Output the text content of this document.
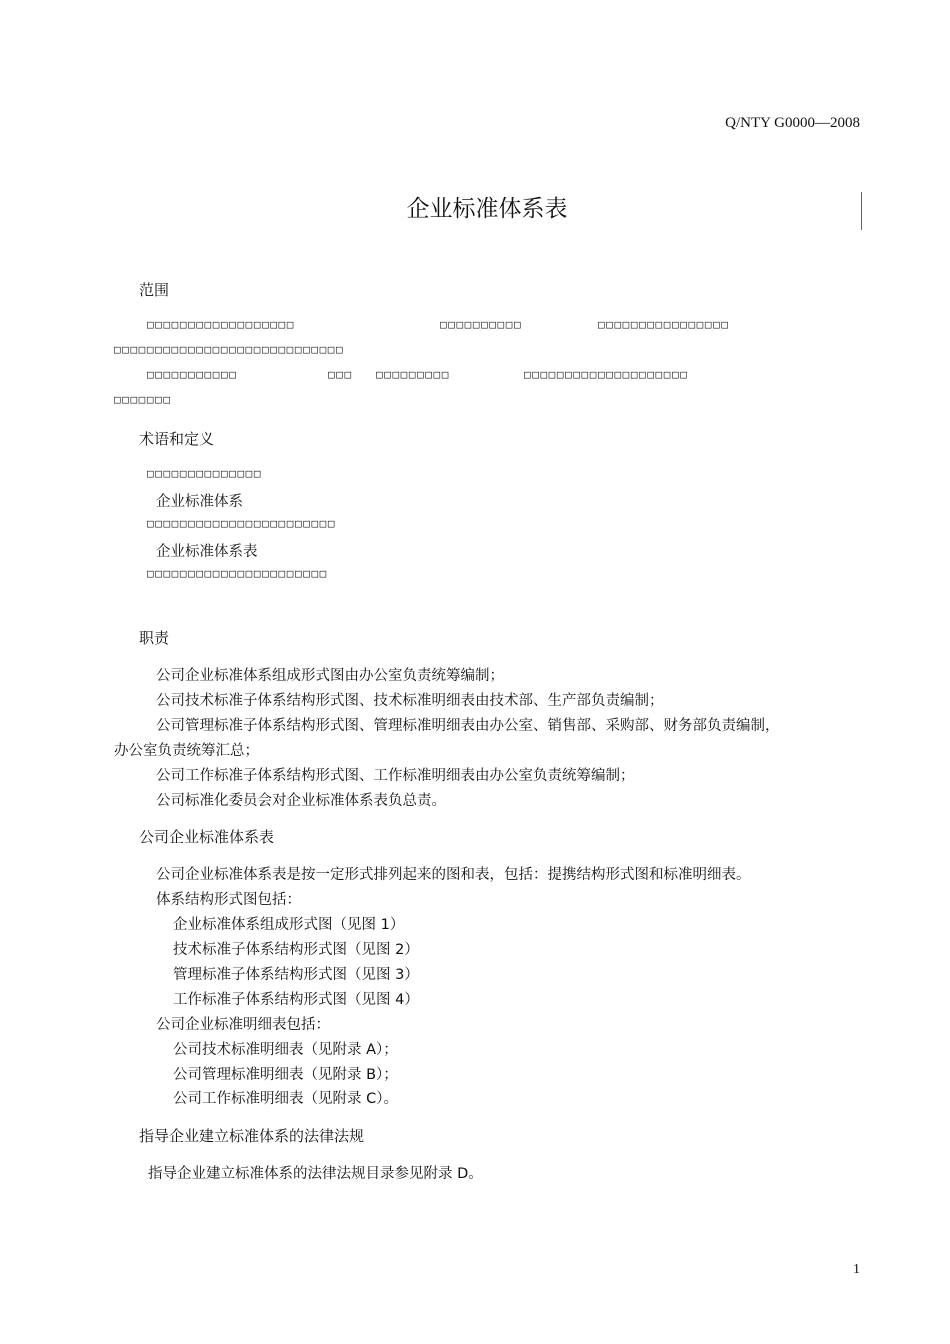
Q/NTY G0000—2008
企业标准体系表
范围
□□□□□□□□□□□□□□□□□□	□□□□□□□□□□	□□□□□□□□□□□□□□□□
□□□□□□□□□□□□□□□□□□□□□□□□□□□□
□□□□□□□□□□□	□□□ □□□□□□□□□	□□□□□□□□□□□□□□□□□□□□
□□□□□□□
术语和定义
□□□□□□□□□□□□□□
企业标准体系
□□□□□□□□□□□□□□□□□□□□□□□
企业标准体系表
□□□□□□□□□□□□□□□□□□□□□□
职责
公司企业标准体系组成形式图由办公室负责统筹编制；
公司技术标准子体系结构形式图、技术标准明细表由技术部、生产部负责编制；
公司管理标准子体系结构形式图、管理标准明细表由办公室、销售部、采购部、财务部负责编制，
办公室负责统筹汇总；
公司工作标准子体系结构形式图、工作标准明细表由办公室负责统筹编制；
公司标准化委员会对企业标准体系表负总责。
公司企业标准体系表
公司企业标准体系表是按一定形式排列起来的图和表，包括：提携结构形式图和标准明细表。
体系结构形式图包括：
企业标准体系组成形式图（见图 1）
技术标准子体系结构形式图（见图 2）
管理标准子体系结构形式图（见图 3）
工作标准子体系结构形式图（见图 4）
公司企业标准明细表包括：
公司技术标准明细表（见附录 A）；
公司管理标准明细表（见附录 B）；
公司工作标准明细表（见附录 C）。
指导企业建立标准体系的法律法规
指导企业建立标准体系的法律法规目录参见附录 D。
1
